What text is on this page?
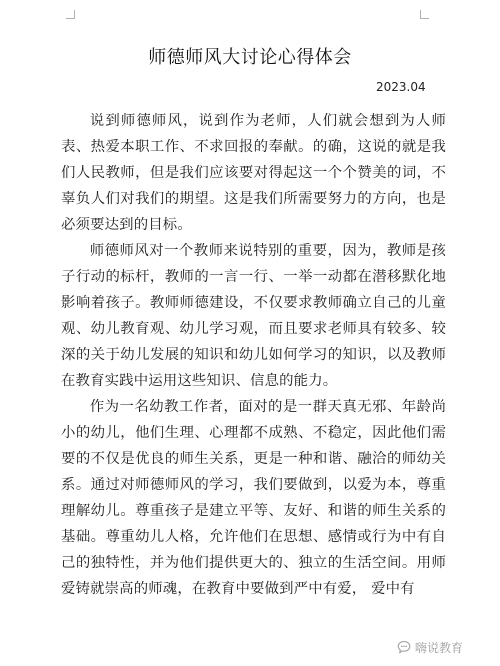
师德师风大讨论心得体会
2023.04

说到师德师风，说到作为老师，人们就会想到为人师表、热爱本职工作、不求回报的奉献。的确，这说的就是我们人民教师，但是我们应该要对得起这一个个赞美的词，不辜负人们对我们的期望。这是我们所需要努力的方向，也是必须要达到的目标。

师德师风对一个教师来说特别的重要，因为，教师是孩子行动的标杆，教师的一言一行、一举一动都在潜移默化地影响着孩子。教师师德建设，不仅要求教师确立自己的儿童观、幼儿教育观、幼儿学习观，而且要求老师具有较多、较深的关于幼儿发展的知识和幼儿如何学习的知识，以及教师在教育实践中运用这些知识、信息的能力。

作为一名幼教工作者，面对的是一群天真无邪、年龄尚小的幼儿，他们生理、心理都不成熟、不稳定，因此他们需要的不仅是优良的师生关系，更是一种和谐、融洽的师幼关系。通过对师德师风的学习，我们要做到，以爱为本，尊重理解幼儿。尊重孩子是建立平等、友好、和谐的师生关系的基础。尊重幼儿人格，允许他们在思想、感情或行为中有自己的独特性，并为他们提供更大的、独立的生活空间。用师爱铸就崇高的师魂，在教育中要做到严中有爱， 爱中有

嗨说教育
